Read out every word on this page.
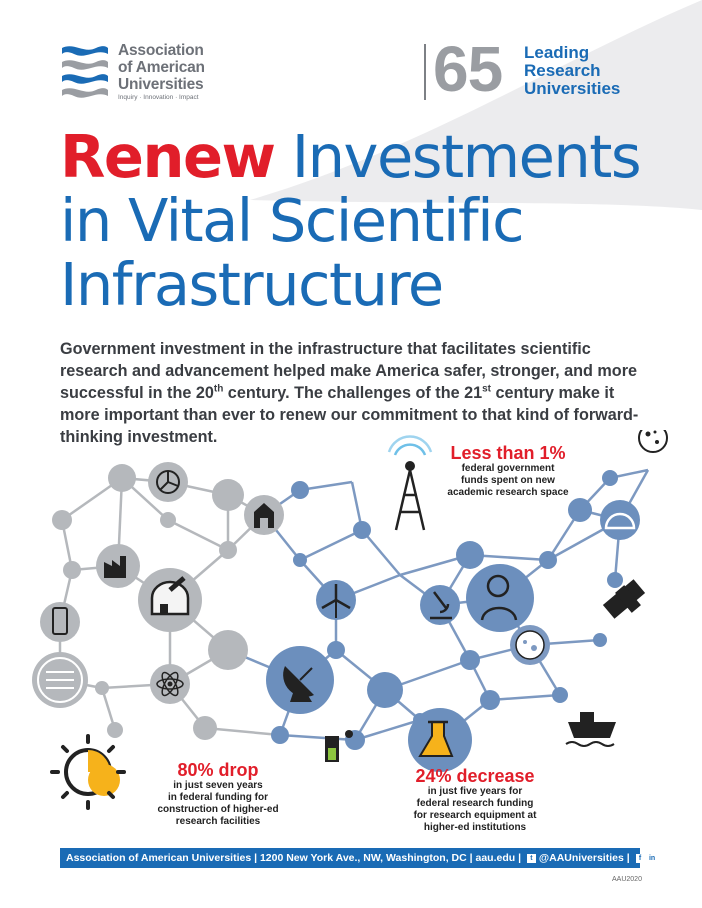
Association
of American
Universities
Inquiry · Innovation · Impact	65 Leading
Research
Universities
Renew Investments
in Vital Scientific
Infrastructure
Government investment in the infrastructure that facilitates scientific research and advancement helped make America safer, stronger, and more successful in the 20th century. The challenges of the 21st century make it more important than ever to renew our commitment to that kind of forward-thinking investment.
Less than 1%
federal government
funds spent on new
academic research space
80% drop
in just seven years
in federal funding for
construction of higher-ed
research facilities
24% decrease
in just five years for
federal research funding
for research equipment at
higher-ed institutions
Association of American Universities | 1200 New York Ave., NW, Washington, DC | aau.edu | t @AAUniversities | f in
AAU2020
